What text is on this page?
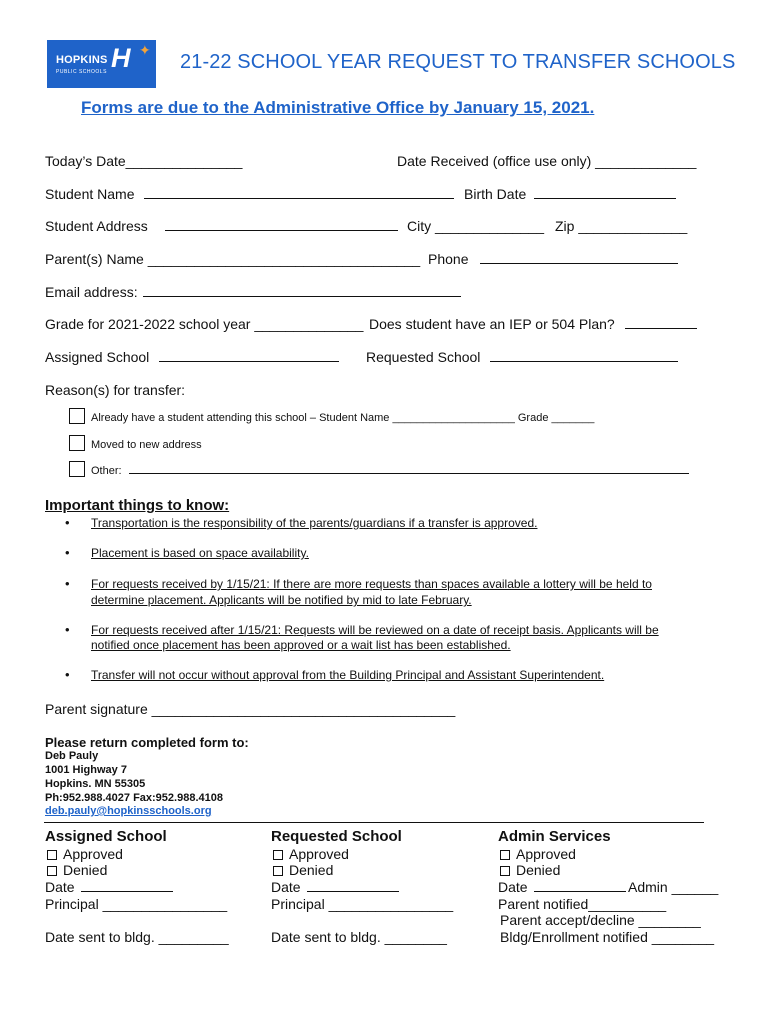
HOPKINS
PUBLIC SCHOOLS H ✦
21-22 SCHOOL YEAR REQUEST TO TRANSFER SCHOOLS
Forms are due to the Administrative Office by January 15, 2021.
Today’s Date_______________	Date Received (office use only) _____________
Student Name	Birth Date
Student Address	City ______________ Zip ______________
Parent(s) Name ___________________________________ Phone
Email address:
Grade for 2021-2022 school year ______________ Does student have an IEP or 504 Plan?
Assigned School	Requested School
Reason(s) for transfer:
Already have a student attending this school – Student Name ____________________ Grade _______
Moved to new address
Other:
Important things to know:
• Transportation is the responsibility of the parents/guardians if a transfer is approved.
• Placement is based on space availability.
• For requests received by 1/15/21: If there are more requests than spaces available a lottery will be held to
determine placement. Applicants will be notified by mid to late February.
• For requests received after 1/15/21: Requests will be reviewed on a date of receipt basis. Applicants will be
notified once placement has been approved or a wait list has been established.
• Transfer will not occur without approval from the Building Principal and Assistant Superintendent.
Parent signature _______________________________________
Please return completed form to:
Deb Pauly
1001 Highway 7
Hopkins. MN 55305
Ph:952.988.4027 Fax:952.988.4108
deb.pauly@hopkinsschools.org
Assigned School
Approved
Denied
Date
Principal ________________
Date sent to bldg. _________
Requested School
Approved
Denied
Date
Principal ________________
Date sent to bldg. ________
Admin Services
Approved
Denied
Date	Admin ______
Parent notified__________
Parent accept/decline ________
Bldg/Enrollment notified ________
